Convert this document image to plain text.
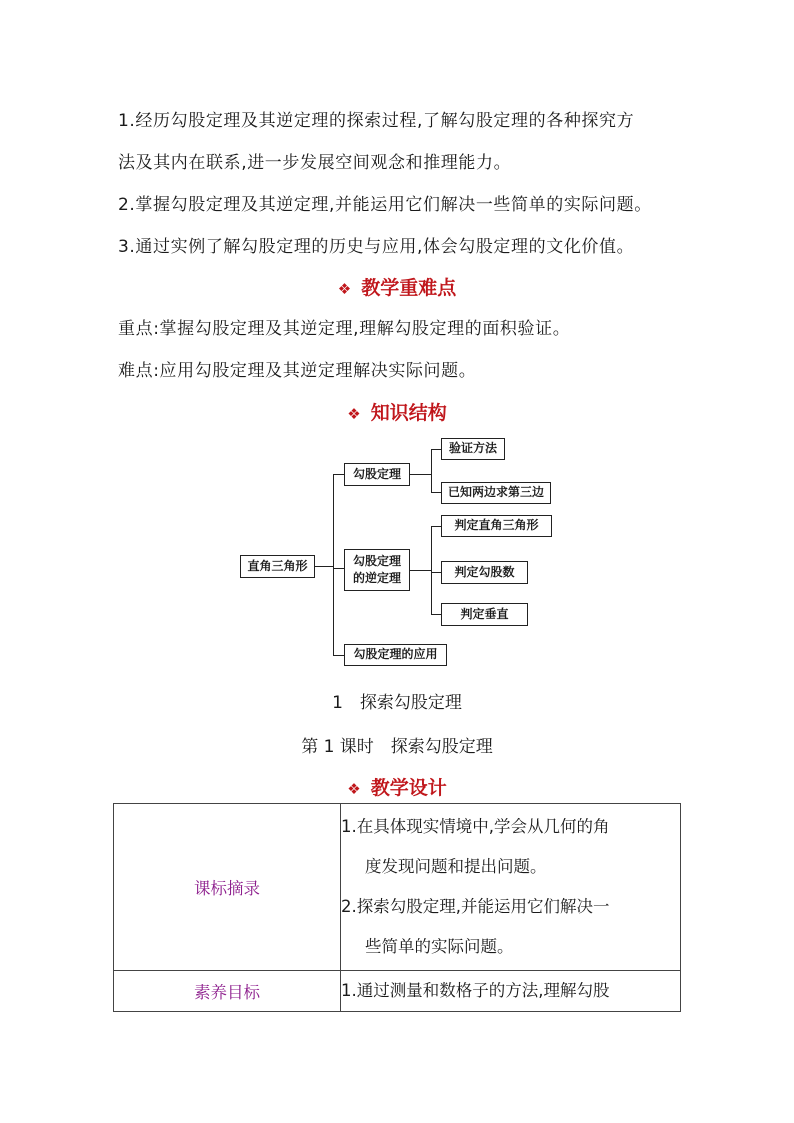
1.经历勾股定理及其逆定理的探索过程,了解勾股定理的各种探究方
法及其内在联系,进一步发展空间观念和推理能力。
2.掌握勾股定理及其逆定理,并能运用它们解决一些简单的实际问题。
3.通过实例了解勾股定理的历史与应用,体会勾股定理的文化价值。
❖ 教学重难点
重点:掌握勾股定理及其逆定理,理解勾股定理的面积验证。
难点:应用勾股定理及其逆定理解决实际问题。
❖ 知识结构
直角三角形
勾股定理
验证方法
已知两边求第三边
勾股定理
的逆定理
判定直角三角形
判定勾股数
判定垂直
勾股定理的应用
1　探索勾股定理
第 1 课时　探索勾股定理
❖ 教学设计
课标摘录	1.在具体现实情境中,学会从几何的角
度发现问题和提出问题。
2.探索勾股定理,并能运用它们解决一
些简单的实际问题。

素养目标	1.通过测量和数格子的方法,理解勾股
